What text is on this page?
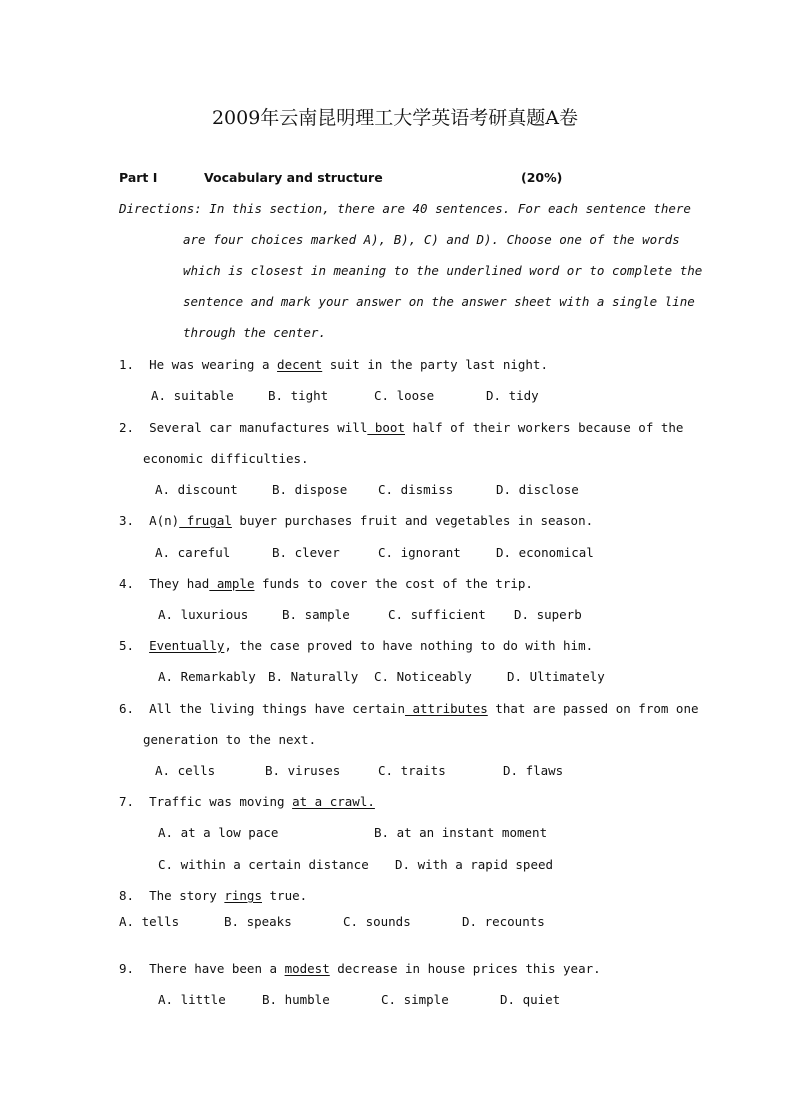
2009年云南昆明理工大学英语考研真题A卷
Part I	Vocabulary and structure	(20%)
Directions: In this section, there are 40 sentences. For each sentence there
are four choices marked A), B), C) and D). Choose one of the words
which is closest in meaning to the underlined word or to complete the
sentence and mark your answer on the answer sheet with a single line
through the center.
1.  He was wearing a decent suit in the party last night.
A. suitable	B. tight	C. loose	D. tidy
2.  Several car manufactures will boot half of their workers because of the
economic difficulties.
A. discount	B. dispose C. dismiss	D. disclose
3.  A(n) frugal buyer purchases fruit and vegetables in season.
A. careful	B. clever	C. ignorant	D. economical
4.  They had ample funds to cover the cost of the trip.
A. luxurious	B. sample	C. sufficient D. superb
5.  Eventually, the case proved to have nothing to do with him.
A. Remarkably B. Naturally C. Noticeably	D. Ultimately
6.  All the living things have certain attributes that are passed on from one
generation to the next.
A. cells	B. viruses	C. traits	D. flaws
7.  Traffic was moving at a crawl.
A. at a low pace	B. at an instant moment
C. within a certain distance D. with a rapid speed
8.  The story rings true.
A. tells	B. speaks	C. sounds	D. recounts
9.  There have been a modest decrease in house prices this year.
A. little	B. humble	C. simple	D. quiet
